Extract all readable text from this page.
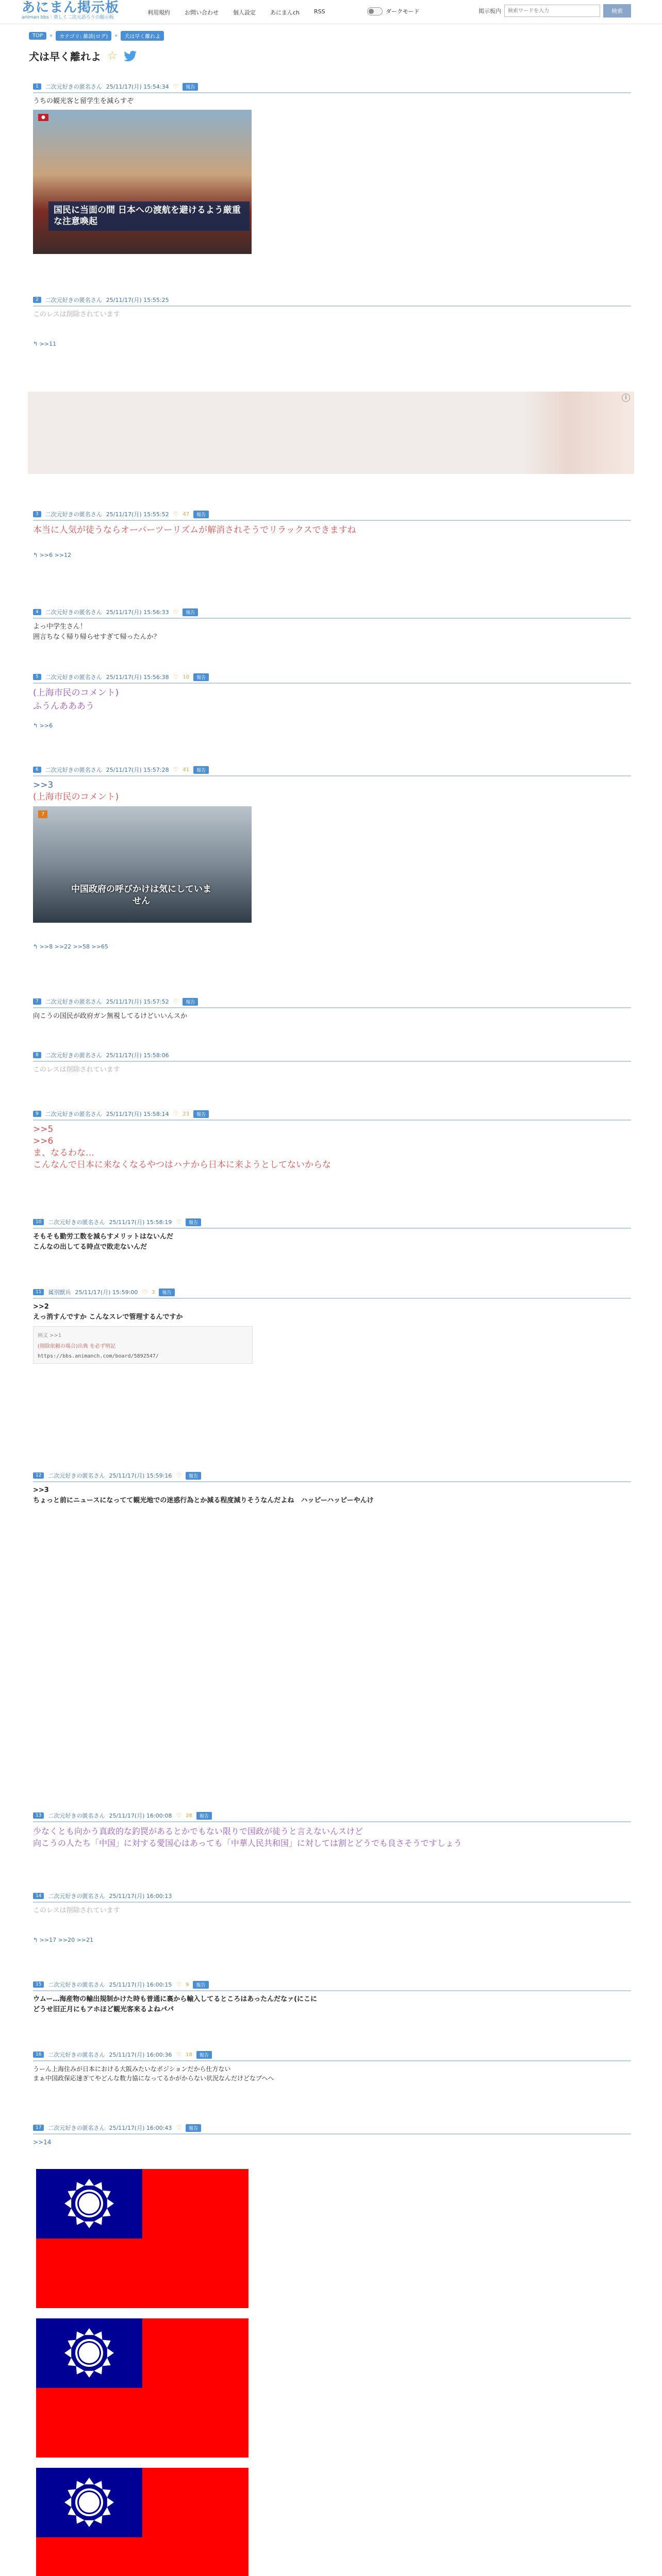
あにまん掲示板
animan bbs｜楽しく二次元語ろうの掲示板
利用規約	お問い合わせ	個人設定	あにまんch	RSS	ダークモード	掲示板内
検索ワードを入力	検索
TOP	»	カテゴリ: 雑談(ログ)	»	犬は早く離れよ
犬は早く離れよ ☆
1	二次元好きの匿名さん 25/11/17(月) 15:54:34 ♡	報告
うちの観光客と留学生を減らすぞ
●
国民に当面の間 日本への渡航を避けるよう厳重な注意喚起
2	二次元好きの匿名さん 25/11/17(月) 15:55:25
このレスは削除されています
↰ >>11
i
3	二次元好きの匿名さん 25/11/17(月) 15:55:52 ♡ 47	報告
本当に人気が徒うならオーバーツーリズムが解消されそうでリラックスできますね
↰ >>6 >>12
4	二次元好きの匿名さん 25/11/17(月) 15:56:33 ♡	報告
よっ中学生さん！
囲言ちなく帰り帰らせすぎて帰ったんか？
5	二次元好きの匿名さん 25/11/17(月) 15:56:38 ♡ 10	報告
(上海市民のコメント)
ふうんあああう
↰ >>6
6	二次元好きの匿名さん 25/11/17(月) 15:57:28 ♡ 41	報告
>>3
(上海市民のコメント)
7
中国政府の呼びかけは気にしていません
↰ >>8 >>22 >>58 >>65
7	二次元好きの匿名さん 25/11/17(月) 15:57:52 ♡	報告
向こうの国民が政府ガン無視してるけどいいんスか
8	二次元好きの匿名さん 25/11/17(月) 15:58:06
このレスは削除されています
9	二次元好きの匿名さん 25/11/17(月) 15:58:14 ♡ 23	報告
>>5
>>6
ま、なるわな…
こんなんで日本に来なくなるやつはハナから日本に来ようとしてないからな
10	二次元好きの匿名さん 25/11/17(月) 15:58:19 ♡	報告
そもそも勤労工数を減らすメリットはないんだ
こんなの出してる時点で敗走ないんだ
11	属別獣兵 25/11/17(月) 15:59:00 ♡ 3	報告
>>2
えっ消すんですか こんなスレで管理するんですか
画文 >>1
(削除依頼の場合)出典 を必ず明記
https://bbs.animanch.com/board/5892547/
12	二次元好きの匿名さん 25/11/17(月) 15:59:16 ♡	報告
>>3
ちょっと前にニュースになってて観光地での迷惑行為とか減る程度減りそうなんだよね　ハッピーハッピーやんけ
13	二次元好きの匿名さん 25/11/17(月) 16:00:08 ♡ 28	報告
少なくとも向かう真政的な釣罠があるとかでもない限りで国政が徒うと言えないんスけど
向こうの人たち「中国」に対する愛国心はあっても「中華人民共和国」に対しては割とどうでも良さそうですしょう
14	二次元好きの匿名さん 25/11/17(月) 16:00:13
このレスは削除されています
↰ >>17 >>20 >>21
15	二次元好きの匿名さん 25/11/17(月) 16:00:15 ♡ 9	報告
ウムー…海産物の輸出規制かけた時も普通に裏から輸入してるところはあったんだなァ(にこに
どうせ旧正月にもアホほど観光客来るよねパパ
16	二次元好きの匿名さん 25/11/17(月) 16:00:36 ♡ 18	報告
うーん上海住みが日本における大阪みたいなポジションだから仕方ない
まぁ中国政保応速ぎてやどんな数力協になってるかがからない状況なんだけどなブヘへ
17	二次元好きの匿名さん 25/11/17(月) 16:00:43 ♡	報告
>>14
